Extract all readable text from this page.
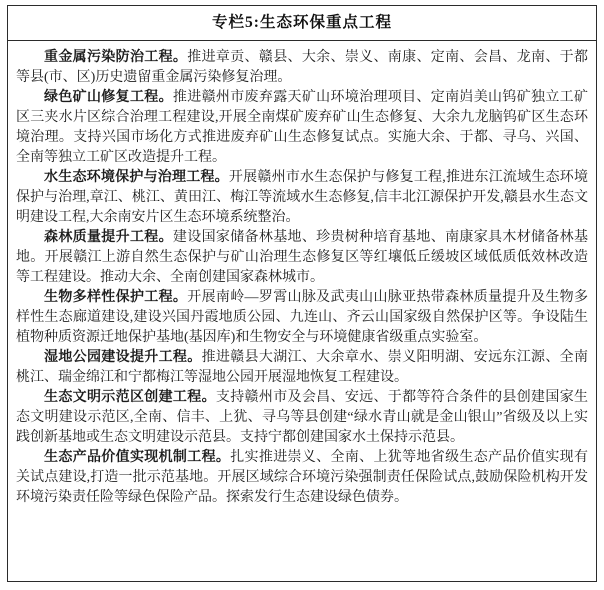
专栏5:生态环保重点工程

重金属污染防治工程。推进章贡、赣县、大余、崇义、南康、定南、会昌、龙南、于都等县(市、区)历史遗留重金属污染修复治理。

绿色矿山修复工程。推进赣州市废弃露天矿山环境治理项目、定南岿美山钨矿独立工矿区三夹水片区综合治理工程建设,开展全南煤矿废弃矿山生态修复、大余九龙脑钨矿区生态环境治理。支持兴国市场化方式推进废弃矿山生态修复试点。实施大余、于都、寻乌、兴国、全南等独立工矿区改造提升工程。

水生态环境保护与治理工程。开展赣州市水生态保护与修复工程,推进东江流域生态环境保护与治理,章江、桃江、黄田江、梅江等流域水生态修复,信丰北江源保护开发,赣县水生态文明建设工程,大余南安片区生态环境系统整治。

森林质量提升工程。建设国家储备林基地、珍贵树种培育基地、南康家具木材储备林基地。开展赣江上游自然生态保护与矿山治理生态修复区等红壤低丘缓坡区域低质低效林改造等工程建设。推动大余、全南创建国家森林城市。

生物多样性保护工程。开展南岭—罗霄山脉及武夷山山脉亚热带森林质量提升及生物多样性生态廊道建设,建设兴国丹霞地质公园、九连山、齐云山国家级自然保护区等。争设陆生植物种质资源迁地保护基地(基因库)和生物安全与环境健康省级重点实验室。

湿地公园建设提升工程。推进赣县大湖江、大余章水、崇义阳明湖、安远东江源、全南桃江、瑞金绵江和宁都梅江等湿地公园开展湿地恢复工程建设。

生态文明示范区创建工程。支持赣州市及会昌、安远、于都等符合条件的县创建国家生态文明建设示范区,全南、信丰、上犹、寻乌等县创建“绿水青山就是金山银山”省级及以上实践创新基地或生态文明建设示范县。支持宁都创建国家水土保持示范县。

生态产品价值实现机制工程。扎实推进崇义、全南、上犹等地省级生态产品价值实现有关试点建设,打造一批示范基地。开展区域综合环境污染强制责任保险试点,鼓励保险机构开发环境污染责任险等绿色保险产品。探索发行生态建设绿色债券。
